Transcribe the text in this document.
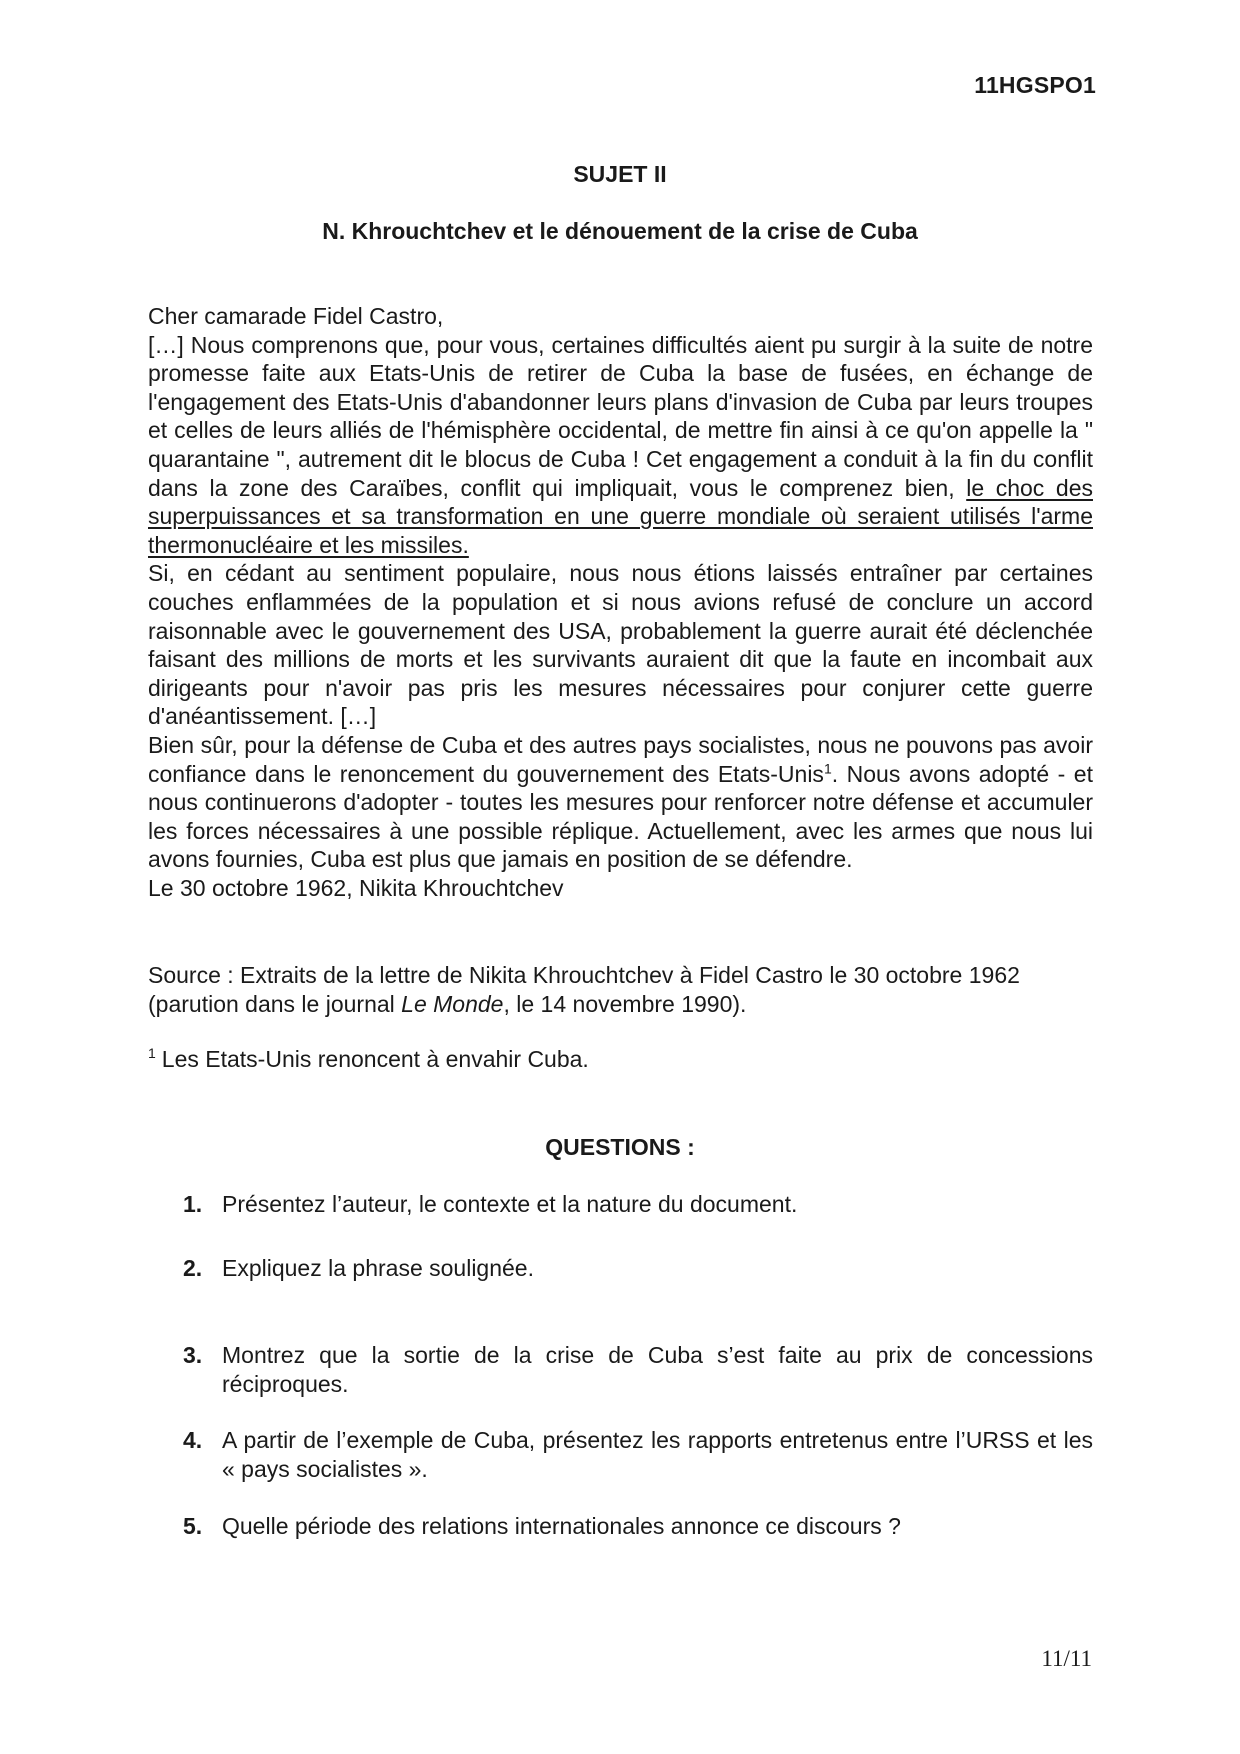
11HGSPO1
SUJET II
N. Khrouchtchev et le dénouement de la crise de Cuba

Cher camarade Fidel Castro,

[…] Nous comprenons que, pour vous, certaines difficultés aient pu surgir à la suite de notre promesse faite aux Etats-Unis de retirer de Cuba la base de fusées, en échange de l'engagement des Etats-Unis d'abandonner leurs plans d'invasion de Cuba par leurs troupes et celles de leurs alliés de l'hémisphère occidental, de mettre fin ainsi à ce qu'on appelle la " quarantaine ", autrement dit le blocus de Cuba ! Cet engagement a conduit à la fin du conflit dans la zone des Caraïbes, conflit qui impliquait, vous le comprenez bien, le choc des superpuissances et sa transformation en une guerre mondiale où seraient utilisés l'arme thermonucléaire et les missiles.

Si, en cédant au sentiment populaire, nous nous étions laissés entraîner par certaines couches enflammées de la population et si nous avions refusé de conclure un accord raisonnable avec le gouvernement des USA, probablement la guerre aurait été déclenchée faisant des millions de morts et les survivants auraient dit que la faute en incombait aux dirigeants pour n'avoir pas pris les mesures nécessaires pour conjurer cette guerre d'anéantissement. […]

Bien sûr, pour la défense de Cuba et des autres pays socialistes, nous ne pouvons pas avoir confiance dans le renoncement du gouvernement des Etats-Unis$^1$. Nous avons adopté - et nous continuerons d'adopter - toutes les mesures pour renforcer notre défense et accumuler les forces nécessaires à une possible réplique. Actuellement, avec les armes que nous lui avons fournies, Cuba est plus que jamais en position de se défendre.

Le 30 octobre 1962, Nikita Khrouchtchev

Source : Extraits de la lettre de Nikita Khrouchtchev à Fidel Castro le 30 octobre 1962

(parution dans le journal Le Monde, le 14 novembre 1990).

$^1$ Les Etats-Unis renoncent à envahir Cuba.
QUESTIONS :
1. Présentez l’auteur, le contexte et la nature du document.
2. Expliquez la phrase soulignée.
3. Montrez que la sortie de la crise de Cuba s’est faite au prix de concessions réciproques.
4. A partir de l’exemple de Cuba, présentez les rapports entretenus entre l’URSS et les « pays socialistes ».
5. Quelle période des relations internationales annonce ce discours ?
11/11
